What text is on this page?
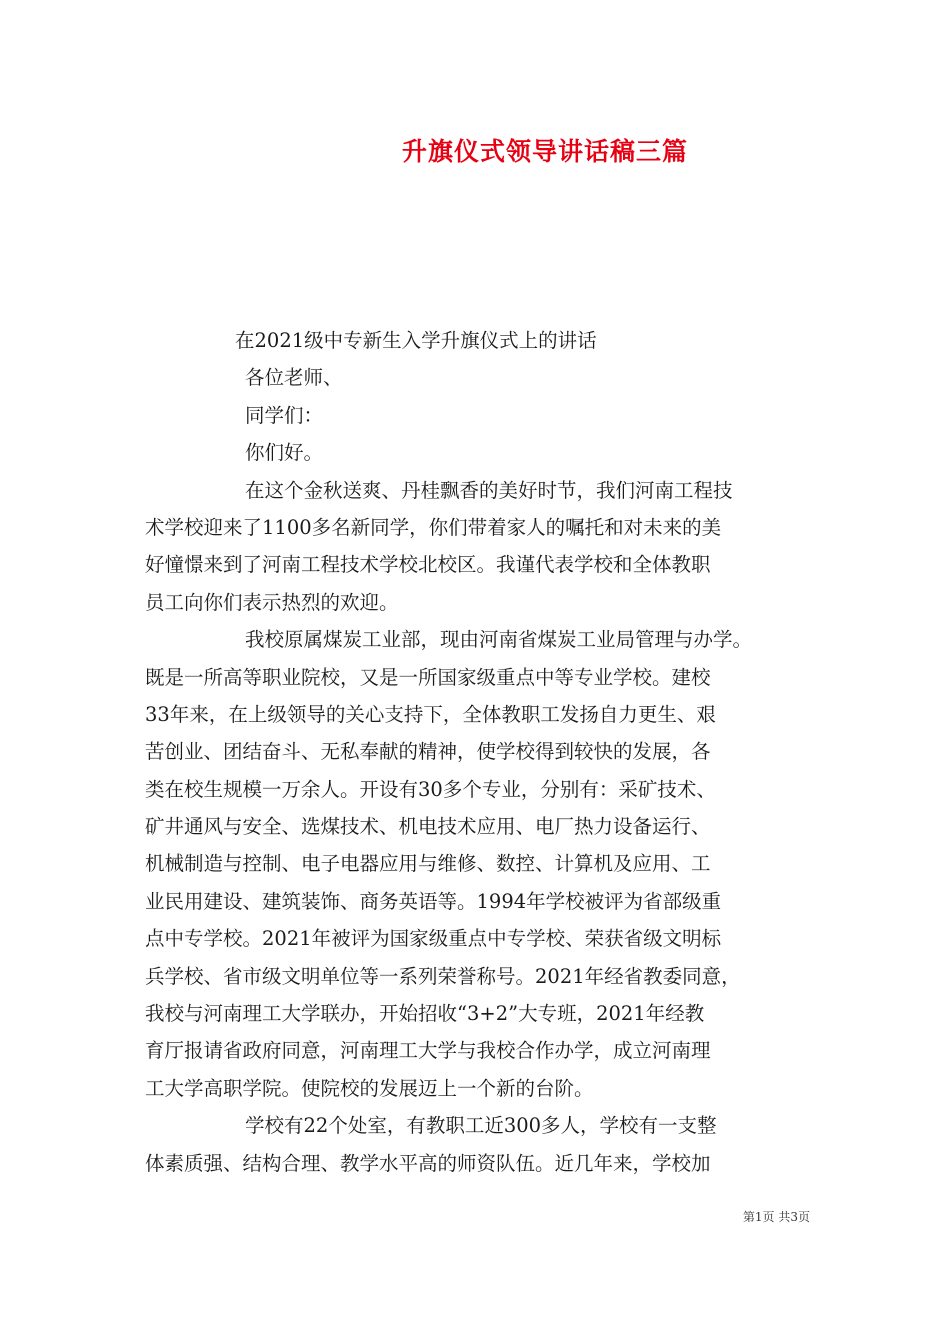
升旗仪式领导讲话稿三篇
在2021级中专新生入学升旗仪式上的讲话
各位老师、
同学们：
你们好。
在这个金秋送爽、丹桂飘香的美好时节，我们河南工程技
术学校迎来了1100多名新同学，你们带着家人的嘱托和对未来的美
好憧憬来到了河南工程技术学校北校区。我谨代表学校和全体教职
员工向你们表示热烈的欢迎。
我校原属煤炭工业部，现由河南省煤炭工业局管理与办学。
既是一所高等职业院校，又是一所国家级重点中等专业学校。建校
33年来，在上级领导的关心支持下，全体教职工发扬自力更生、艰
苦创业、团结奋斗、无私奉献的精神，使学校得到较快的发展，各
类在校生规模一万余人。开设有30多个专业，分别有：采矿技术、
矿井通风与安全、选煤技术、机电技术应用、电厂热力设备运行、
机械制造与控制、电子电器应用与维修、数控、计算机及应用、工
业民用建设、建筑装饰、商务英语等。1994年学校被评为省部级重
点中专学校。2021年被评为国家级重点中专学校、荣获省级文明标
兵学校、省市级文明单位等一系列荣誉称号。2021年经省教委同意，
我校与河南理工大学联办，开始招收“3+2”大专班，2021年经教
育厅报请省政府同意，河南理工大学与我校合作办学，成立河南理
工大学高职学院。使院校的发展迈上一个新的台阶。
学校有22个处室，有教职工近300多人，学校有一支整
体素质强、结构合理、教学水平高的师资队伍。近几年来，学校加
第1页 共3页
